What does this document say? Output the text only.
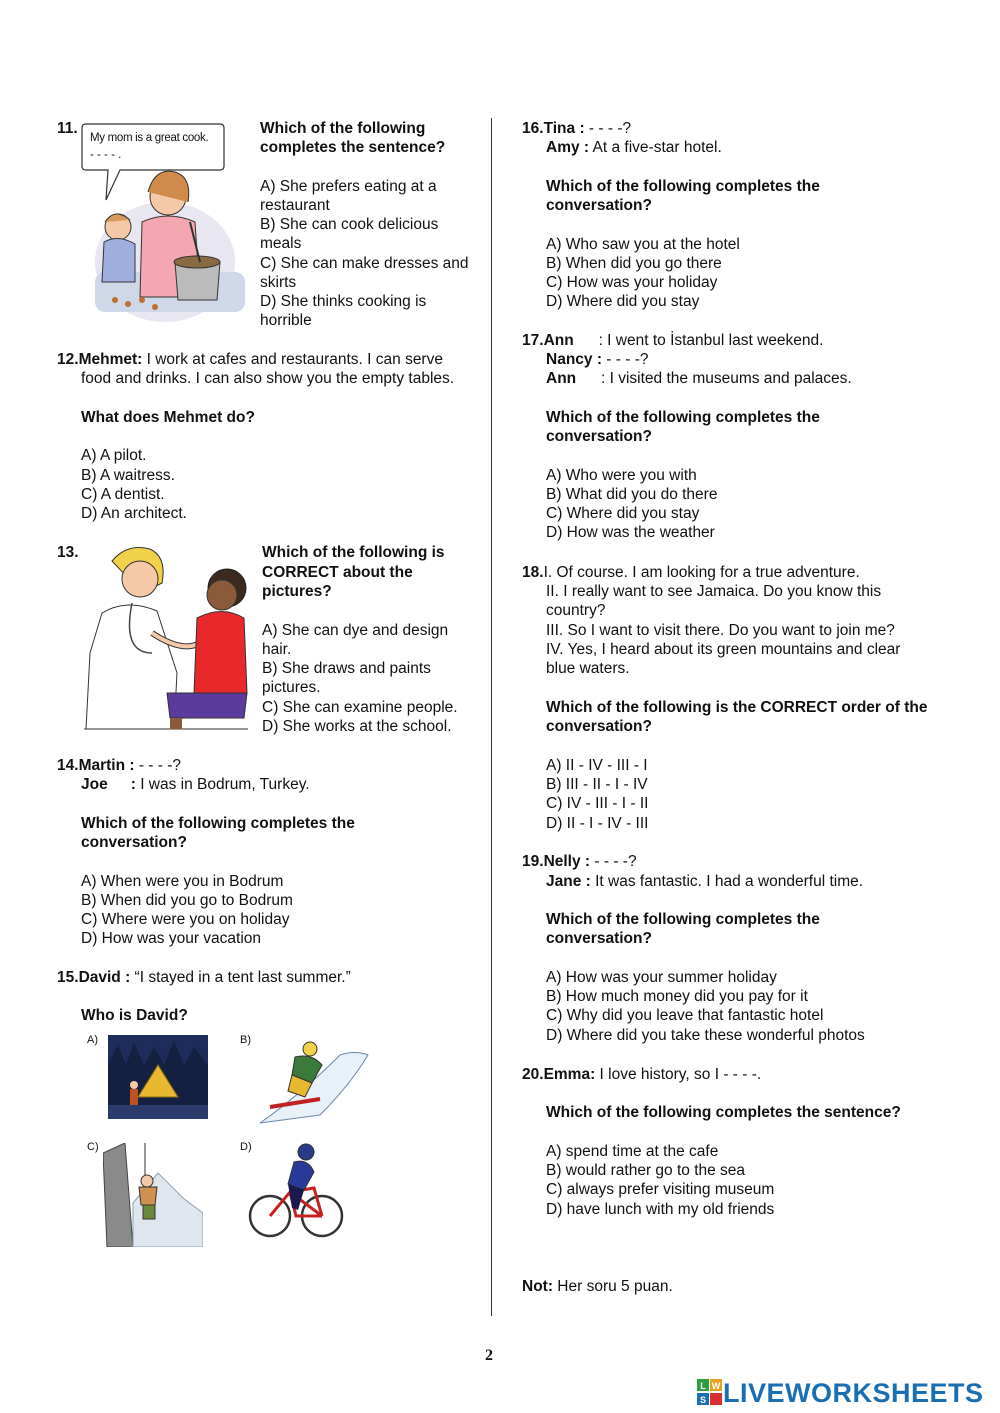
11.
My mom is a great cook.
- - - - .
Which of the following
completes the sentence?
A) She prefers eating at a
restaurant
B) She can cook delicious
meals
C) She can make dresses and
skirts
D) She thinks cooking is
horrible
12.Mehmet: I work at cafes and restaurants. I can serve
food and drinks. I can also show you the empty tables.
What does Mehmet do?
A) A pilot.
B) A waitress.
C) A dentist.
D) An architect.
13.	Which of the following is
CORRECT about the
pictures?
A) She can dye and design
hair.
B) She draws and paints
pictures.
C) She can examine people.
D) She works at the school.
14.Martin : - - - -?
Joe : I was in Bodrum, Turkey.
Which of the following completes the
conversation?
A) When were you in Bodrum
B) When did you go to Bodrum
C) Where were you on holiday
D) How was your vacation
15.David : “I stayed in a tent last summer.”
Who is David?
A)	B)
C)	D)
16.Tina : - - - -?
Amy : At a five-star hotel.
Which of the following completes the
conversation?
A) Who saw you at the hotel
B) When did you go there
C) How was your holiday
D) Where did you stay
17.Ann : I went to İstanbul last weekend.
Nancy : - - - -?
Ann : I visited the museums and palaces.
Which of the following completes the
conversation?
A) Who were you with
B) What did you do there
C) Where did you stay
D) How was the weather
18.I. Of course. I am looking for a true adventure.
II. I really want to see Jamaica. Do you know this
country?
III. So I want to visit there. Do you want to join me?
IV. Yes, I heard about its green mountains and clear
blue waters.
Which of the following is the CORRECT order of the
conversation?
A) II - IV - III - I
B) III - II - I - IV
C) IV - III - I - II
D) II - I - IV - III
19.Nelly : - - - -?
Jane : It was fantastic. I had a wonderful time.
Which of the following completes the
conversation?
A) How was your summer holiday
B) How much money did you pay for it
C) Why did you leave that fantastic hotel
D) Where did you take these wonderful photos
20.Emma: I love history, so I - - - -.
Which of the following completes the sentence?
A) spend time at the cafe
B) would rather go to the sea
C) always prefer visiting museum
D) have lunch with my old friends
Not: Her soru 5 puan.
2
L W
S LIVEWORKSHEETS
